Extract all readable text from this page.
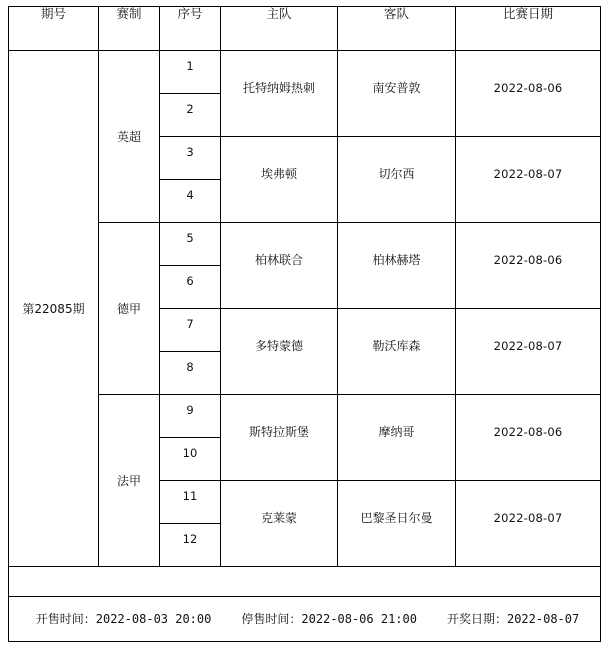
期号	赛制	序号	主队	客队	比赛日期
第22085期	英超	1	托特纳姆热刺	南安普敦	2022-08-06
		2			
		3	埃弗顿	切尔西	2022-08-07
		4			
	德甲	5	柏林联合	柏林赫塔	2022-08-06
		6			
		7	多特蒙德	勒沃库森	2022-08-07
		8			
	法甲	9	斯特拉斯堡	摩纳哥	2022-08-06
		10			
		11	克莱蒙	巴黎圣日尔曼	2022-08-07
		12			

开售时间：2022-08-03 20:00 停售时间：2022-08-06 21:00 开奖日期：2022-08-07					
